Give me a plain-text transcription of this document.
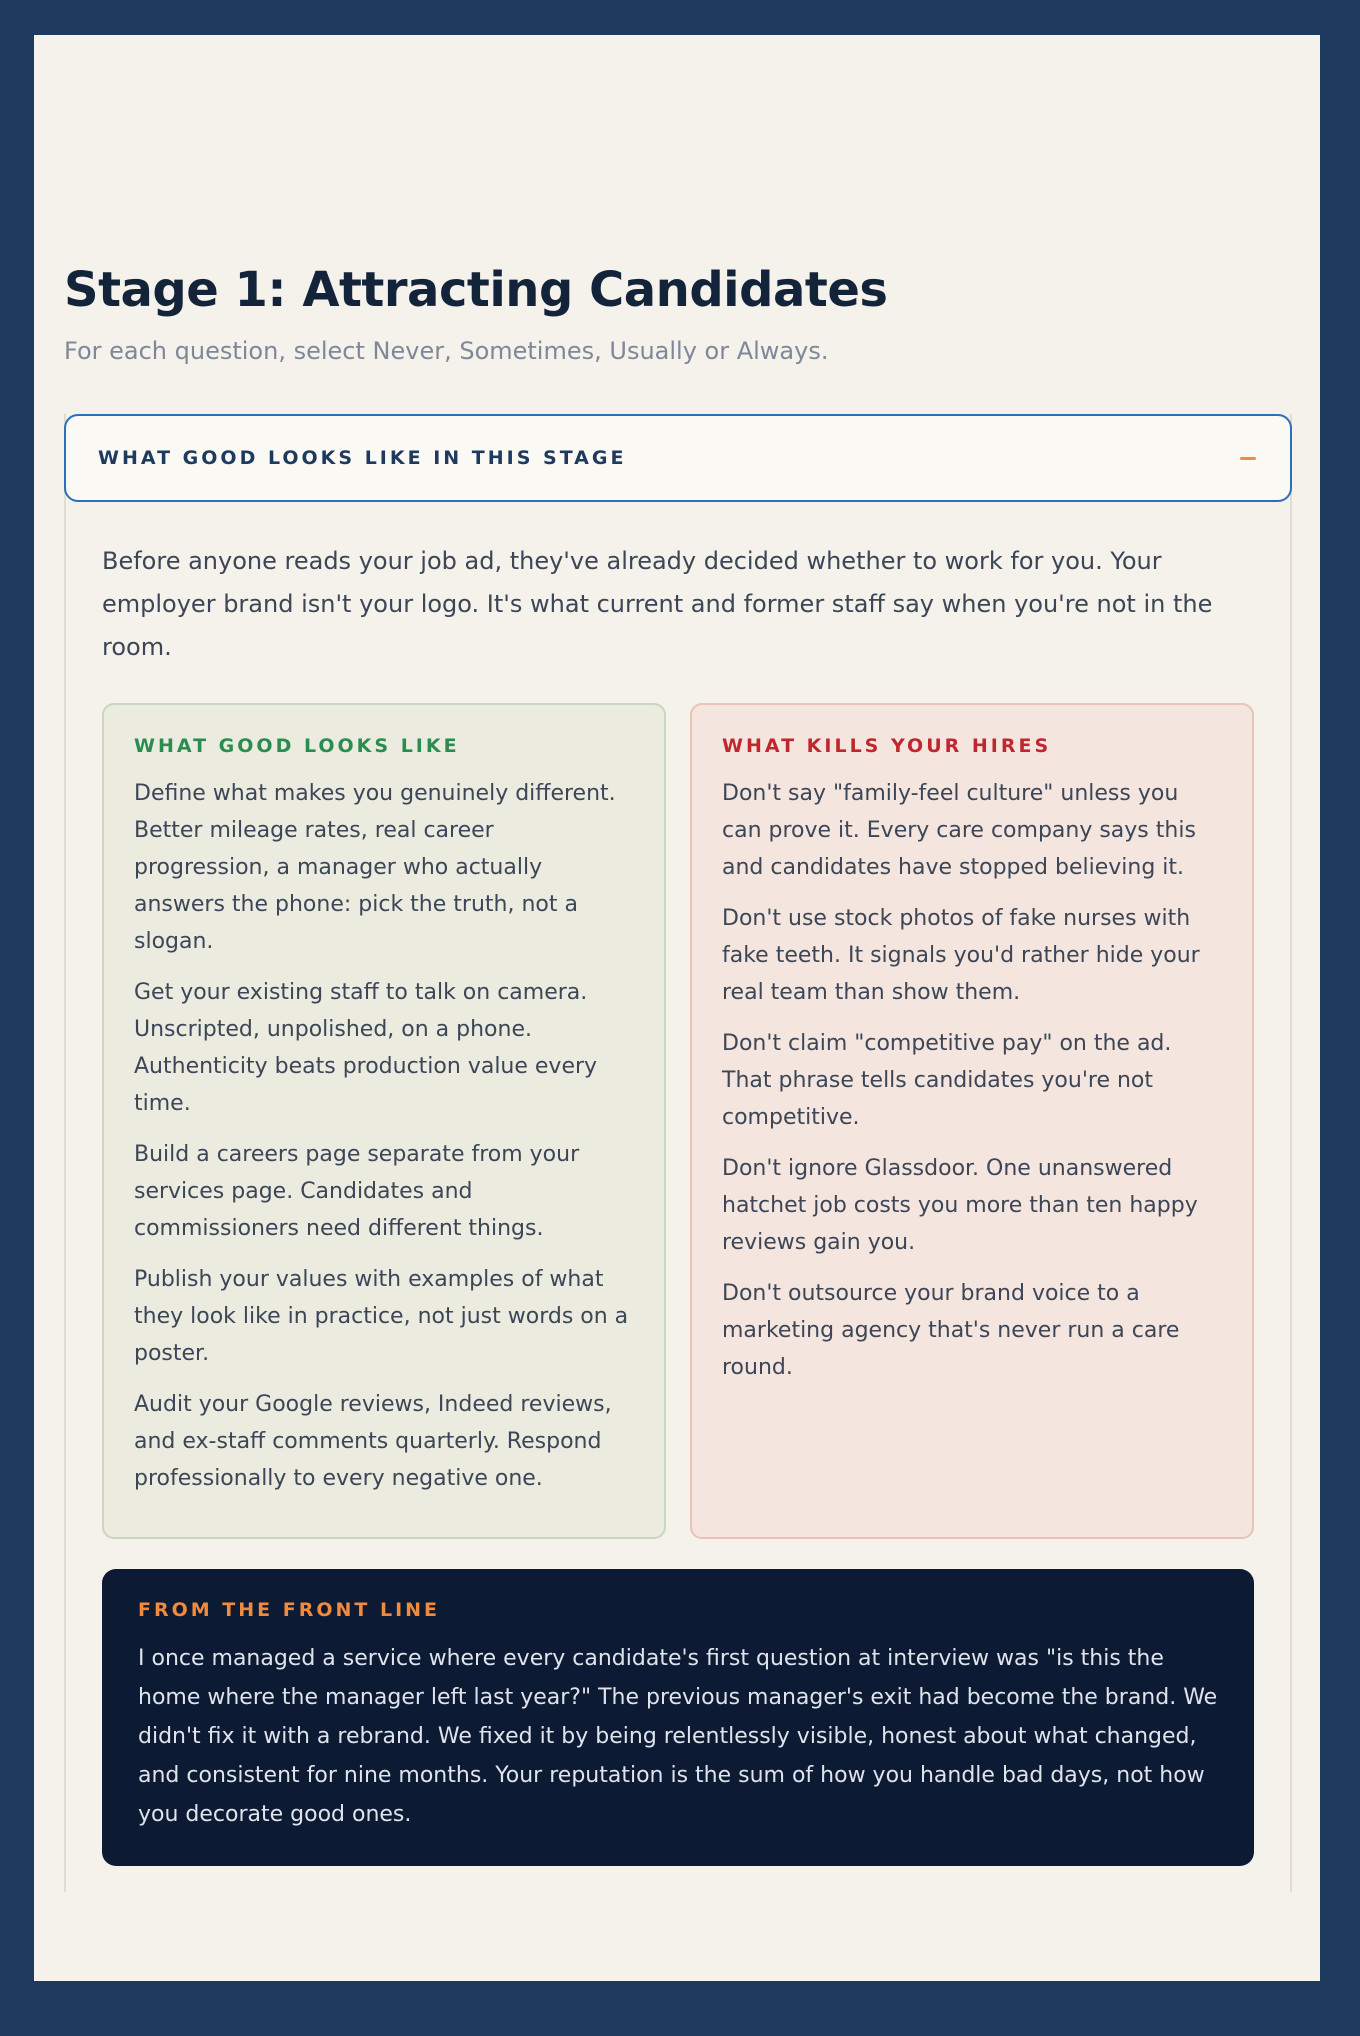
Stage 1: Attracting Candidates

For each question, select Never, Sometimes, Usually or Always.

WHAT GOOD LOOKS LIKE IN THIS STAGE

Before anyone reads your job ad, they've already decided whether to work for you. Your employer brand isn't your logo. It's what current and former staff say when you're not in the room.

WHAT GOOD LOOKS LIKE

Define what makes you genuinely different. Better mileage rates, real career progression, a manager who actually answers the phone: pick the truth, not a slogan.

Get your existing staff to talk on camera. Unscripted, unpolished, on a phone. Authenticity beats production value every time.

Build a careers page separate from your services page. Candidates and commissioners need different things.

Publish your values with examples of what they look like in practice, not just words on a poster.

Audit your Google reviews, Indeed reviews, and ex-staff comments quarterly. Respond professionally to every negative one.

WHAT KILLS YOUR HIRES

Don't say "family-feel culture" unless you can prove it. Every care company says this and candidates have stopped believing it.

Don't use stock photos of fake nurses with fake teeth. It signals you'd rather hide your real team than show them.

Don't claim "competitive pay" on the ad. That phrase tells candidates you're not competitive.

Don't ignore Glassdoor. One unanswered hatchet job costs you more than ten happy reviews gain you.

Don't outsource your brand voice to a marketing agency that's never run a care round.

FROM THE FRONT LINE

I once managed a service where every candidate's first question at interview was "is this the home where the manager left last year?" The previous manager's exit had become the brand. We didn't fix it with a rebrand. We fixed it by being relentlessly visible, honest about what changed, and consistent for nine months. Your reputation is the sum of how you handle bad days, not how you decorate good ones.
